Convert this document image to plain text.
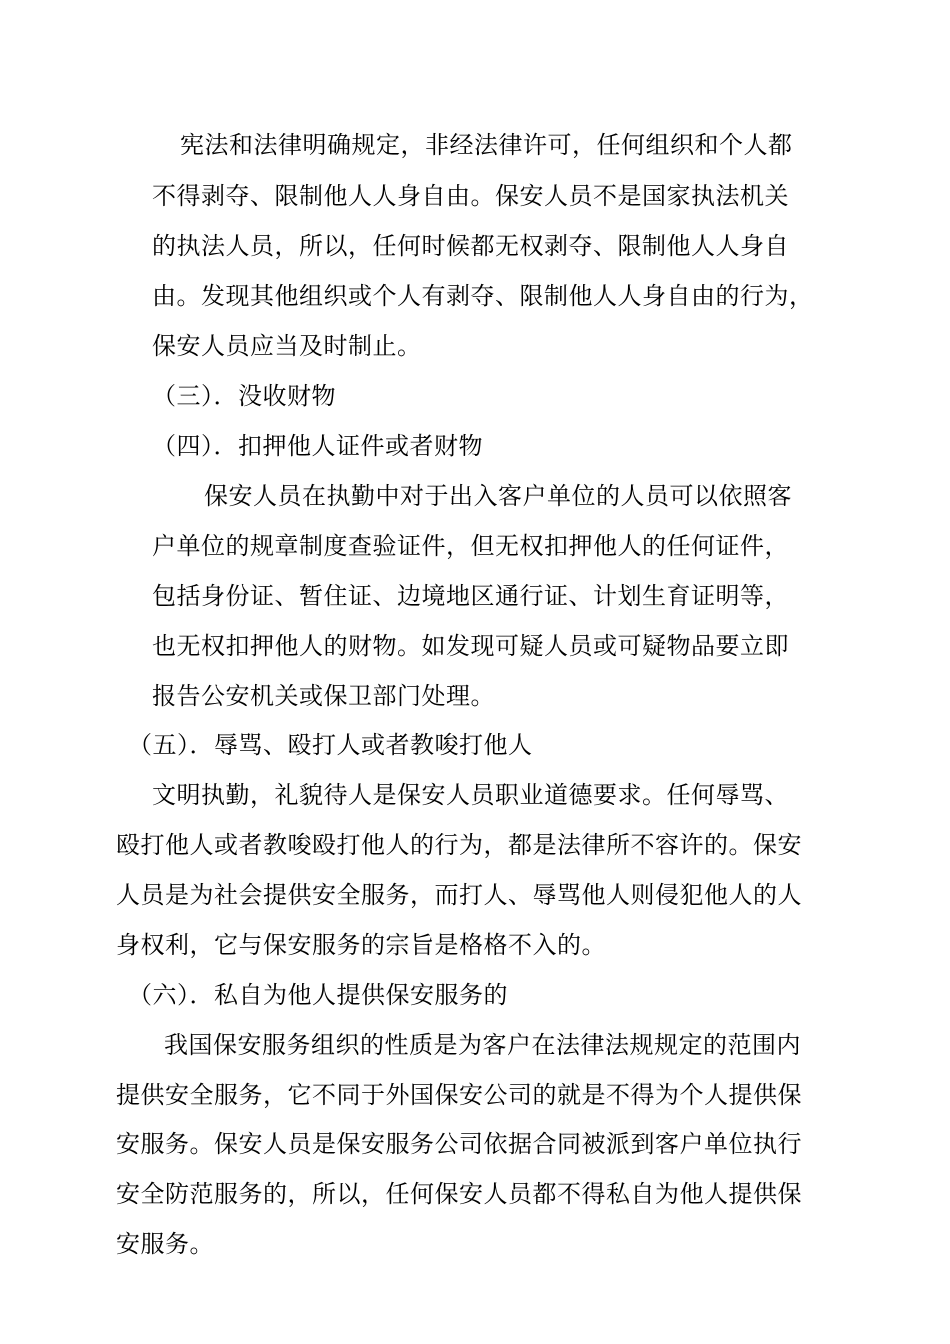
宪法和法律明确规定，非经法律许可，任何组织和个人都
不得剥夺、限制他人人身自由。保安人员不是国家执法机关
的执法人员，所以，任何时候都无权剥夺、限制他人人身自
由。发现其他组织或个人有剥夺、限制他人人身自由的行为，
保安人员应当及时制止。
（三）．没收财物
（四）．扣押他人证件或者财物
保安人员在执勤中对于出入客户单位的人员可以依照客
户单位的规章制度查验证件，但无权扣押他人的任何证件，
包括身份证、暂住证、边境地区通行证、计划生育证明等，
也无权扣押他人的财物。如发现可疑人员或可疑物品要立即
报告公安机关或保卫部门处理。
（五）．辱骂、殴打人或者教唆打他人
文明执勤，礼貌待人是保安人员职业道德要求。任何辱骂、
殴打他人或者教唆殴打他人的行为，都是法律所不容许的。保安
人员是为社会提供安全服务，而打人、辱骂他人则侵犯他人的人
身权利，它与保安服务的宗旨是格格不入的。
（六）．私自为他人提供保安服务的
我国保安服务组织的性质是为客户在法律法规规定的范围内
提供安全服务，它不同于外国保安公司的就是不得为个人提供保
安服务。保安人员是保安服务公司依据合同被派到客户单位执行
安全防范服务的，所以，任何保安人员都不得私自为他人提供保
安服务。
